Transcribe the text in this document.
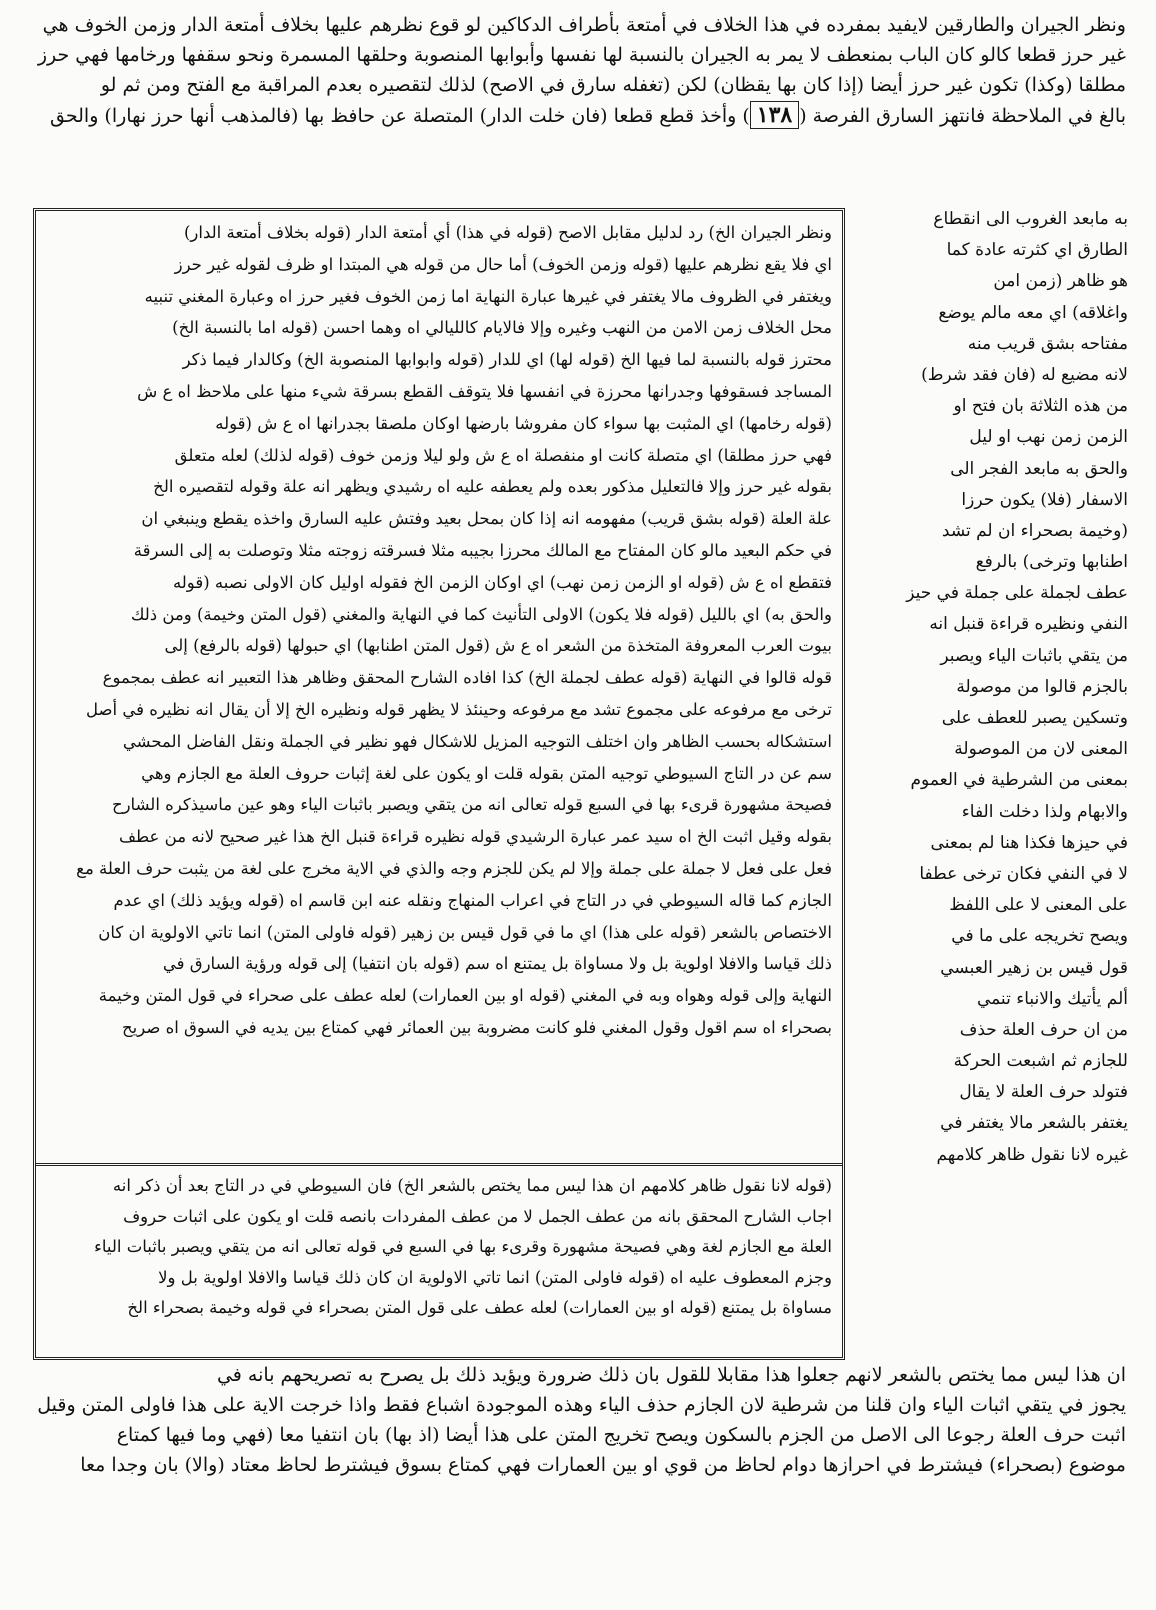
ونظر الجيران والطارقين لايفيد بمفرده في هذا الخلاف في أمتعة بأطراف الدكاكين لو قوع نظرهم عليها بخلاف أمتعة الدار وزمن الخوف هي
غير حرز قطعا كالو كان الباب بمنعطف لا يمر به الجيران بالنسبة لها نفسها وأبوابها المنصوبة وحلقها المسمرة ونحو سقفها ورخامها فهي حرز
مطلقا (وكذا) تكون غير حرز أيضا (إذا كان بها يقظان) لكن (تغفله سارق في الاصح) لذلك لتقصيره بعدم المراقبة مع الفتح ومن ثم لو
بالغ في الملاحظة فانتهز السارق الفرصة (١٣٨) وأخذ قطع قطعا (فان خلت الدار) المتصلة عن حافظ بها (فالمذهب أنها حرز نهارا) والحق
ونظر الجيران الخ) رد لدليل مقابل الاصح (قوله في هذا) أي أمتعة الدار (قوله بخلاف أمتعة الدار)
اي فلا يقع نظرهم عليها (قوله وزمن الخوف) أما حال من قوله هي المبتدا او ظرف لقوله غير حرز
ويغتفر في الظروف مالا يغتفر في غيرها عبارة النهاية اما زمن الخوف فغير حرز اه وعبارة المغني تنبيه
محل الخلاف زمن الامن من النهب وغيره وإلا فالايام كالليالي اه وهما احسن (قوله اما بالنسبة الخ)
محترز قوله بالنسبة لما فيها الخ (قوله لها) اي للدار (قوله وابوابها المنصوبة الخ) وكالدار فيما ذكر
المساجد فسقوفها وجدرانها محرزة في انفسها فلا يتوقف القطع بسرقة شيء منها على ملاحظ اه ع ش
(قوله رخامها) اي المثبت بها سواء كان مفروشا بارضها اوكان ملصقا بجدرانها اه ع ش (قوله
فهي حرز مطلقا) اي متصلة كانت او منفصلة اه ع ش ولو ليلا وزمن خوف (قوله لذلك) لعله متعلق
بقوله غير حرز وإلا فالتعليل مذكور بعده ولم يعطفه عليه اه رشيدي ويظهر انه علة وقوله لتقصيره الخ
علة العلة (قوله بشق قريب) مفهومه انه إذا كان بمحل بعيد وفتش عليه السارق واخذه يقطع وينبغي ان
في حكم البعيد مالو كان المفتاح مع المالك محرزا بجيبه مثلا فسرقته زوجته مثلا وتوصلت به إلى السرقة
فتقطع اه ع ش (قوله او الزمن زمن نهب) اي اوكان الزمن الخ فقوله اوليل كان الاولى نصبه (قوله
والحق به) اي بالليل (قوله فلا يكون) الاولى التأنيث كما في النهاية والمغني (قول المتن وخيمة) ومن ذلك
بيوت العرب المعروفة المتخذة من الشعر اه ع ش (قول المتن اطنابها) اي حبولها (قوله بالرفع) إلى
قوله قالوا في النهاية (قوله عطف لجملة الخ) كذا افاده الشارح المحقق وظاهر هذا التعبير انه عطف بمجموع
ترخى مع مرفوعه على مجموع تشد مع مرفوعه وحينئذ لا يظهر قوله ونظيره الخ إلا أن يقال انه نظيره في أصل
استشكاله بحسب الظاهر وان اختلف التوجيه المزيل للاشكال فهو نظير في الجملة ونقل الفاضل المحشي
سم عن در التاج السيوطي توجيه المتن بقوله قلت او يكون على لغة إثبات حروف العلة مع الجازم وهي
فصيحة مشهورة قرىء بها في السبع قوله تعالى انه من يتقي ويصبر باثبات الياء وهو عين ماسيذكره الشارح
بقوله وقيل اثبت الخ اه سيد عمر عبارة الرشيدي قوله نظيره قراءة قنبل الخ هذا غير صحيح لانه من عطف
فعل على فعل لا جملة على جملة وإلا لم يكن للجزم وجه والذي في الاية مخرج على لغة من يثبت حرف العلة مع
الجازم كما قاله السيوطي في در التاج في اعراب المنهاج ونقله عنه ابن قاسم اه (قوله ويؤيد ذلك) اي عدم
الاختصاص بالشعر (قوله على هذا) اي ما في قول قيس بن زهير (قوله فاولى المتن) انما تاتي الاولوية ان كان
ذلك قياسا والافلا اولوية بل ولا مساواة بل يمتنع اه سم (قوله بان انتفيا) إلى قوله ورؤية السارق في
النهاية وإلى قوله وهواه وبه في المغني (قوله او بين العمارات) لعله عطف على صحراء في قول المتن وخيمة
بصحراء اه سم اقول وقول المغني فلو كانت مضروبة بين العمائر فهي كمتاع بين يديه في السوق اه صريح
(قوله لانا نقول ظاهر كلامهم ان هذا ليس مما يختص بالشعر الخ) فان السيوطي في در التاج بعد أن ذكر انه
اجاب الشارح المحقق بانه من عطف الجمل لا من عطف المفردات بانصه قلت او يكون على اثبات حروف
العلة مع الجازم لغة وهي فصيحة مشهورة وقرىء بها في السبع في قوله تعالى انه من يتقي ويصبر باثبات الياء
وجزم المعطوف عليه اه (قوله فاولى المتن) انما تاتي الاولوية ان كان ذلك قياسا والافلا اولوية بل ولا
مساواة بل يمتنع (قوله او بين العمارات) لعله عطف على قول المتن بصحراء في قوله وخيمة بصحراء الخ
به مابعد الغروب الى انقطاع
الطارق اي كثرته عادة كما
هو ظاهر (زمن امن
واغلاقه) اي معه مالم يوضع
مفتاحه بشق قريب منه
لانه مضيع له (فان فقد شرط)
من هذه الثلاثة بان فتح او
الزمن زمن نهب او ليل
والحق به مابعد الفجر الى
الاسفار (فلا) يكون حرزا
(وخيمة بصحراء ان لم تشد
اطنابها وترخى) بالرفع
عطف لجملة على جملة في حيز
النفي ونظيره قراءة قنبل انه
من يتقي باثبات الياء ويصبر
بالجزم قالوا من موصولة
وتسكين يصبر للعطف على
المعنى لان من الموصولة
بمعنى من الشرطية في العموم
والابهام ولذا دخلت الفاء
في حيزها فكذا هنا لم بمعنى
لا في النفي فكان ترخى عطفا
على المعنى لا على اللفظ
ويصح تخريجه على ما في
قول قيس بن زهير العبسي
ألم يأتيك والانباء تنمي
من ان حرف العلة حذف
للجازم ثم اشبعت الحركة
فتولد حرف العلة لا يقال
يغتفر بالشعر مالا يغتفر في
غيره لانا نقول ظاهر كلامهم
ان هذا ليس مما يختص بالشعر لانهم جعلوا هذا مقابلا للقول بان ذلك ضرورة ويؤيد ذلك بل يصرح به تصريحهم بانه في
يجوز في يتقي اثبات الياء وان قلنا من شرطية لان الجازم حذف الياء وهذه الموجودة اشباع فقط واذا خرجت الاية على هذا فاولى المتن وقيل
اثبت حرف العلة رجوعا الى الاصل من الجزم بالسكون ويصح تخريج المتن على هذا أيضا (اذ بها) بان انتفيا معا (فهي وما فيها كمتاع
موضوع (بصحراء) فيشترط في احرازها دوام لحاظ من قوي او بين العمارات فهي كمتاع بسوق فيشترط لحاظ معتاد (والا) بان وجدا معا
